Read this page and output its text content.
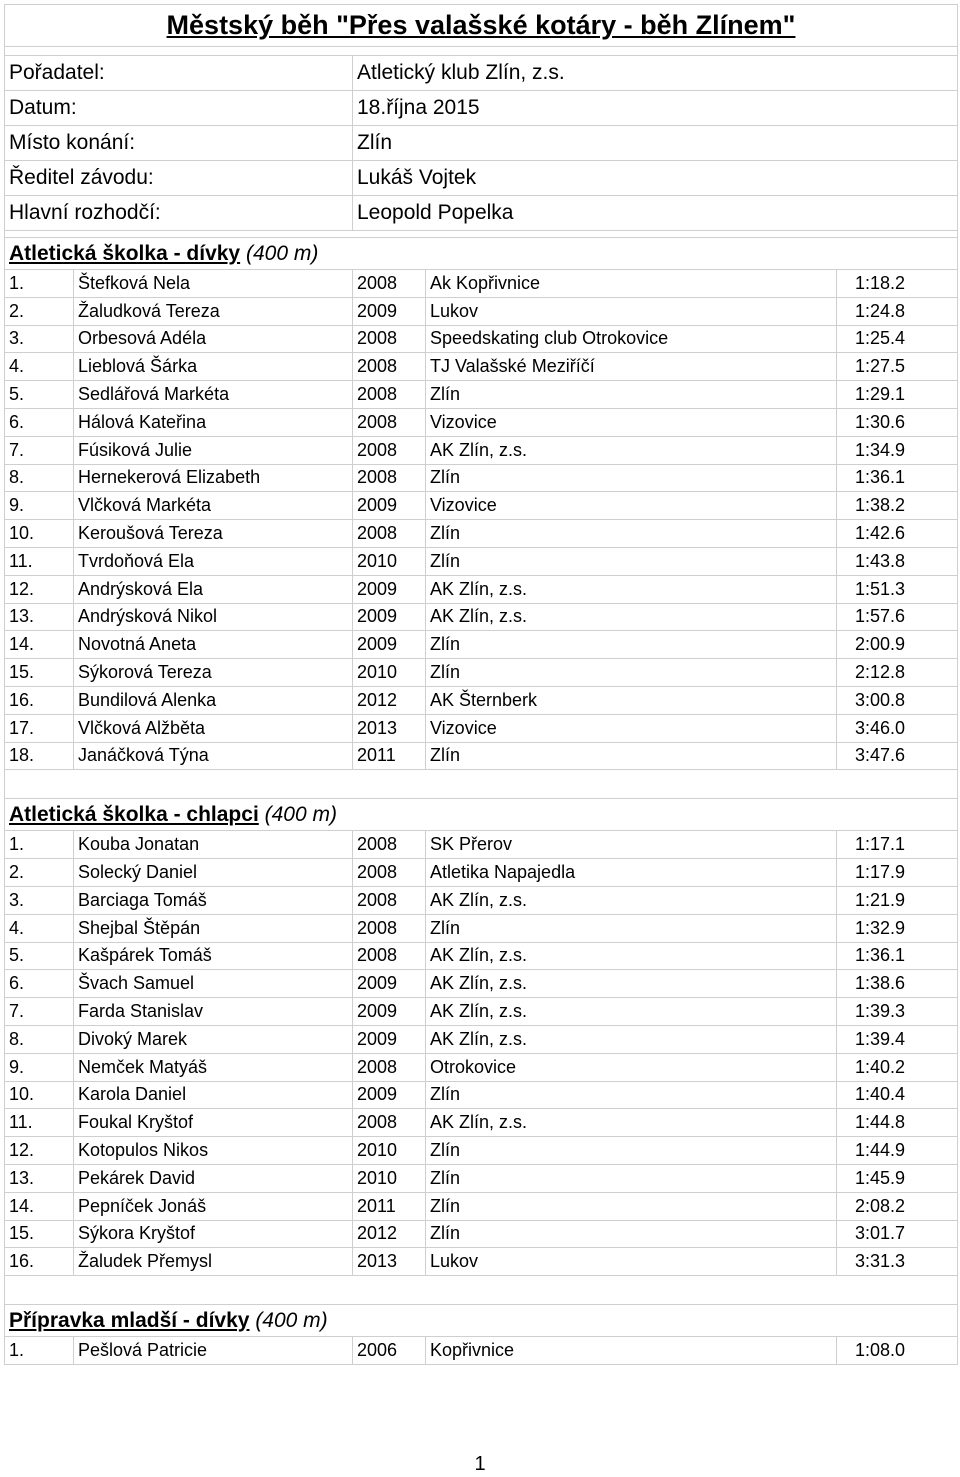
Městský běh "Přes valašské kotáry - běh Zlínem"				

Pořadatel:		Atletický klub Zlín, z.s.		
Datum:		18.října 2015		
Místo konání:		Zlín		
Ředitel závodu:		Lukáš Vojtek		
Hlavní rozhodčí:		Leopold Popelka		

Atletická školka - dívky (400 m)				
1.	Štefková Nela	2008	Ak Kopřivnice	1:18.2
2.	Žaludková Tereza	2009	Lukov	1:24.8
3.	Orbesová Adéla	2008	Speedskating club Otrokovice	1:25.4
4.	Lieblová Šárka	2008	TJ Valašské Meziříčí	1:27.5
5.	Sedlářová Markéta	2008	Zlín	1:29.1
6.	Hálová Kateřina	2008	Vizovice	1:30.6
7.	Fúsiková Julie	2008	AK Zlín, z.s.	1:34.9
8.	Hernekerová Elizabeth	2008	Zlín	1:36.1
9.	Vlčková Markéta	2009	Vizovice	1:38.2
10.	Keroušová Tereza	2008	Zlín	1:42.6
11.	Tvrdoňová Ela	2010	Zlín	1:43.8
12.	Andrýsková Ela	2009	AK Zlín, z.s.	1:51.3
13.	Andrýsková Nikol	2009	AK Zlín, z.s.	1:57.6
14.	Novotná Aneta	2009	Zlín	2:00.9
15.	Sýkorová Tereza	2010	Zlín	2:12.8
16.	Bundilová Alenka	2012	AK Šternberk	3:00.8
17.	Vlčková Alžběta	2013	Vizovice	3:46.0
18.	Janáčková Týna	2011	Zlín	3:47.6

Atletická školka - chlapci (400 m)				
1.	Kouba Jonatan	2008	SK Přerov	1:17.1
2.	Solecký Daniel	2008	Atletika Napajedla	1:17.9
3.	Barciaga Tomáš	2008	AK Zlín, z.s.	1:21.9
4.	Shejbal Štěpán	2008	Zlín	1:32.9
5.	Kašpárek Tomáš	2008	AK Zlín, z.s.	1:36.1
6.	Švach Samuel	2009	AK Zlín, z.s.	1:38.6
7.	Farda Stanislav	2009	AK Zlín, z.s.	1:39.3
8.	Divoký Marek	2009	AK Zlín, z.s.	1:39.4
9.	Nemček Matyáš	2008	Otrokovice	1:40.2
10.	Karola Daniel	2009	Zlín	1:40.4
11.	Foukal Kryštof	2008	AK Zlín, z.s.	1:44.8
12.	Kotopulos Nikos	2010	Zlín	1:44.9
13.	Pekárek David	2010	Zlín	1:45.9
14.	Pepníček Jonáš	2011	Zlín	2:08.2
15.	Sýkora Kryštof	2012	Zlín	3:01.7
16.	Žaludek Přemysl	2013	Lukov	3:31.3

Přípravka mladší - dívky (400 m)				
1.	Pešlová Patricie	2006	Kopřivnice	1:08.0
1
